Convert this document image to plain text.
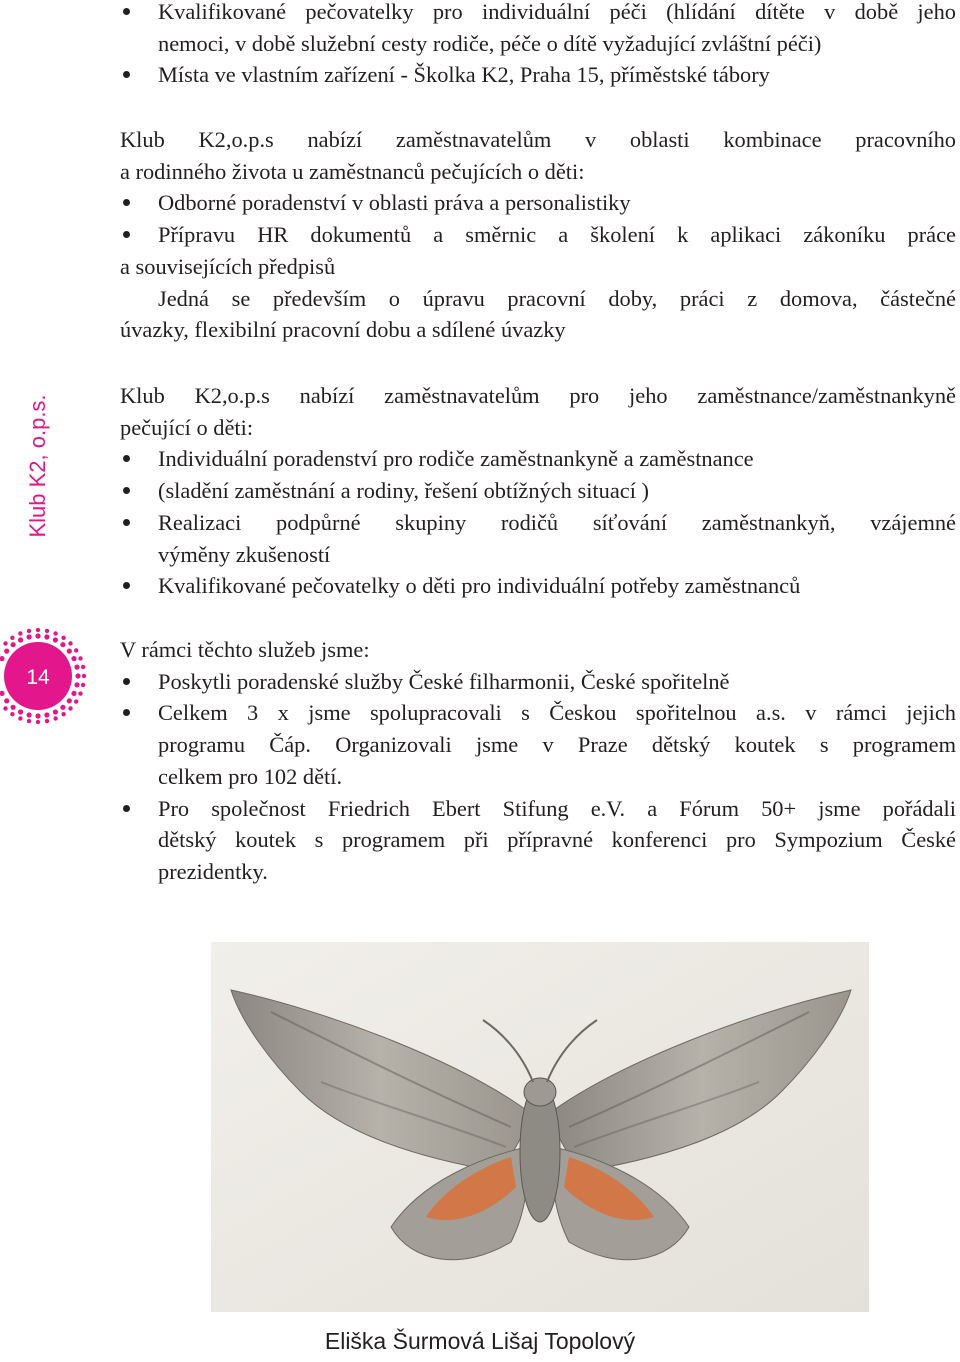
Kvalifikované pečovatelky pro individuální péči (hlídání dítěte v době jeho
nemoci, v době služební cesty rodiče, péče o dítě vyžadující zvláštní péči)
Místa ve vlastním zařízení - Školka K2, Praha 15, příměstské tábory
Klub K2,o.p.s nabízí zaměstnavatelům v oblasti kombinace pracovního
a rodinného života u zaměstnanců pečujících o děti:
Odborné poradenství v oblasti práva a personalistiky
Přípravu HR dokumentů a směrnic a školení k aplikaci zákoníku práce
a souvisejících předpisů
Jedná se především o úpravu pracovní doby, práci z domova, částečné
úvazky, flexibilní pracovní dobu a sdílené úvazky
Klub K2,o.p.s nabízí zaměstnavatelům pro jeho zaměstnance/zaměstnankyně
pečující o děti:
Individuální poradenství pro rodiče zaměstnankyně a zaměstnance
(sladění zaměstnání a rodiny, řešení obtížných situací )
Realizaci podpůrné skupiny rodičů síťování zaměstnankyň, vzájemné
výměny zkušeností
Kvalifikované pečovatelky o děti pro individuální potřeby zaměstnanců
V rámci těchto služeb jsme:
Poskytli poradenské služby České filharmonii, České spořitelně
Celkem 3 x jsme spolupracovali s Českou spořitelnou a.s. v rámci jejich
programu Čáp. Organizovali jsme v Praze dětský koutek s programem
celkem pro 102 dětí.
Pro společnost Friedrich Ebert Stifung e.V. a Fórum 50+ jsme pořádali
dětský koutek s programem při přípravné konferenci pro Sympozium České
prezidentky.
Klub K2, o.p.s.
14
Eliška Šurmová Lišaj Topolový
